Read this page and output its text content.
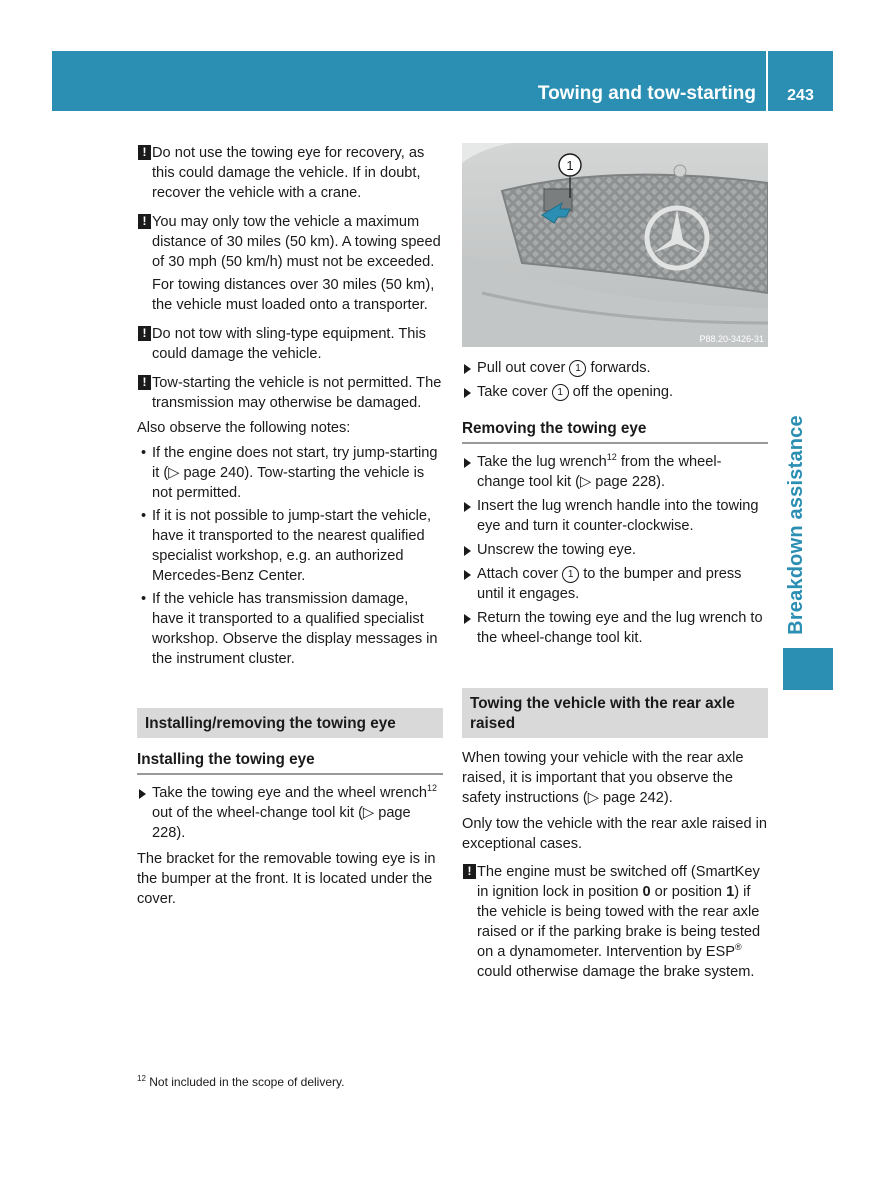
Towing and tow-starting	243
Breakdown assistance
! Do not use the towing eye for recovery, as this could damage the vehicle. If in doubt, recover the vehicle with a crane.

! You may only tow the vehicle a maximum distance of 30 miles (50 km). A towing speed of 30 mph (50 km/h) must not be exceeded.

For towing distances over 30 miles (50 km), the vehicle must loaded onto a transporter.

! Do not tow with sling-type equipment. This could damage the vehicle.

! Tow-starting the vehicle is not permitted. The transmission may otherwise be damaged.

Also observe the following notes:

• If the engine does not start, try jump-starting it (▷ page 240). Tow-starting the vehicle is not permitted.
• If it is not possible to jump-start the vehicle, have it transported to the nearest qualified specialist workshop, e.g. an authorized Mercedes-Benz Center.
• If the vehicle has transmission damage, have it transported to a qualified specialist workshop. Observe the display messages in the instrument cluster.

Installing/removing the towing eye

Installing the towing eye

Take the towing eye and the wheel wrench$^{12}$ out of the wheel-change tool kit (▷ page 228).

The bracket for the removable towing eye is in the bumper at the front. It is located under the cover.

1
P88.20-3426-31
Pull out cover 1 forwards.
Take cover 1 off the opening.

Removing the towing eye

Take the lug wrench$^{12}$ from the wheel-change tool kit (▷ page 228).
Insert the lug wrench handle into the towing eye and turn it counter-clockwise.
Unscrew the towing eye.
Attach cover 1 to the bumper and press until it engages.
Return the towing eye and the lug wrench to the wheel-change tool kit.

Towing the vehicle with the rear axle raised

When towing your vehicle with the rear axle raised, it is important that you observe the safety instructions (▷ page 242).

Only tow the vehicle with the rear axle raised in exceptional cases.

! The engine must be switched off (SmartKey in ignition lock in position 0 or position 1) if the vehicle is being towed with the rear axle raised or if the parking brake is being tested on a dynamometer. Intervention by ESP® could otherwise damage the brake system.

$^{12}$ Not included in the scope of delivery.
